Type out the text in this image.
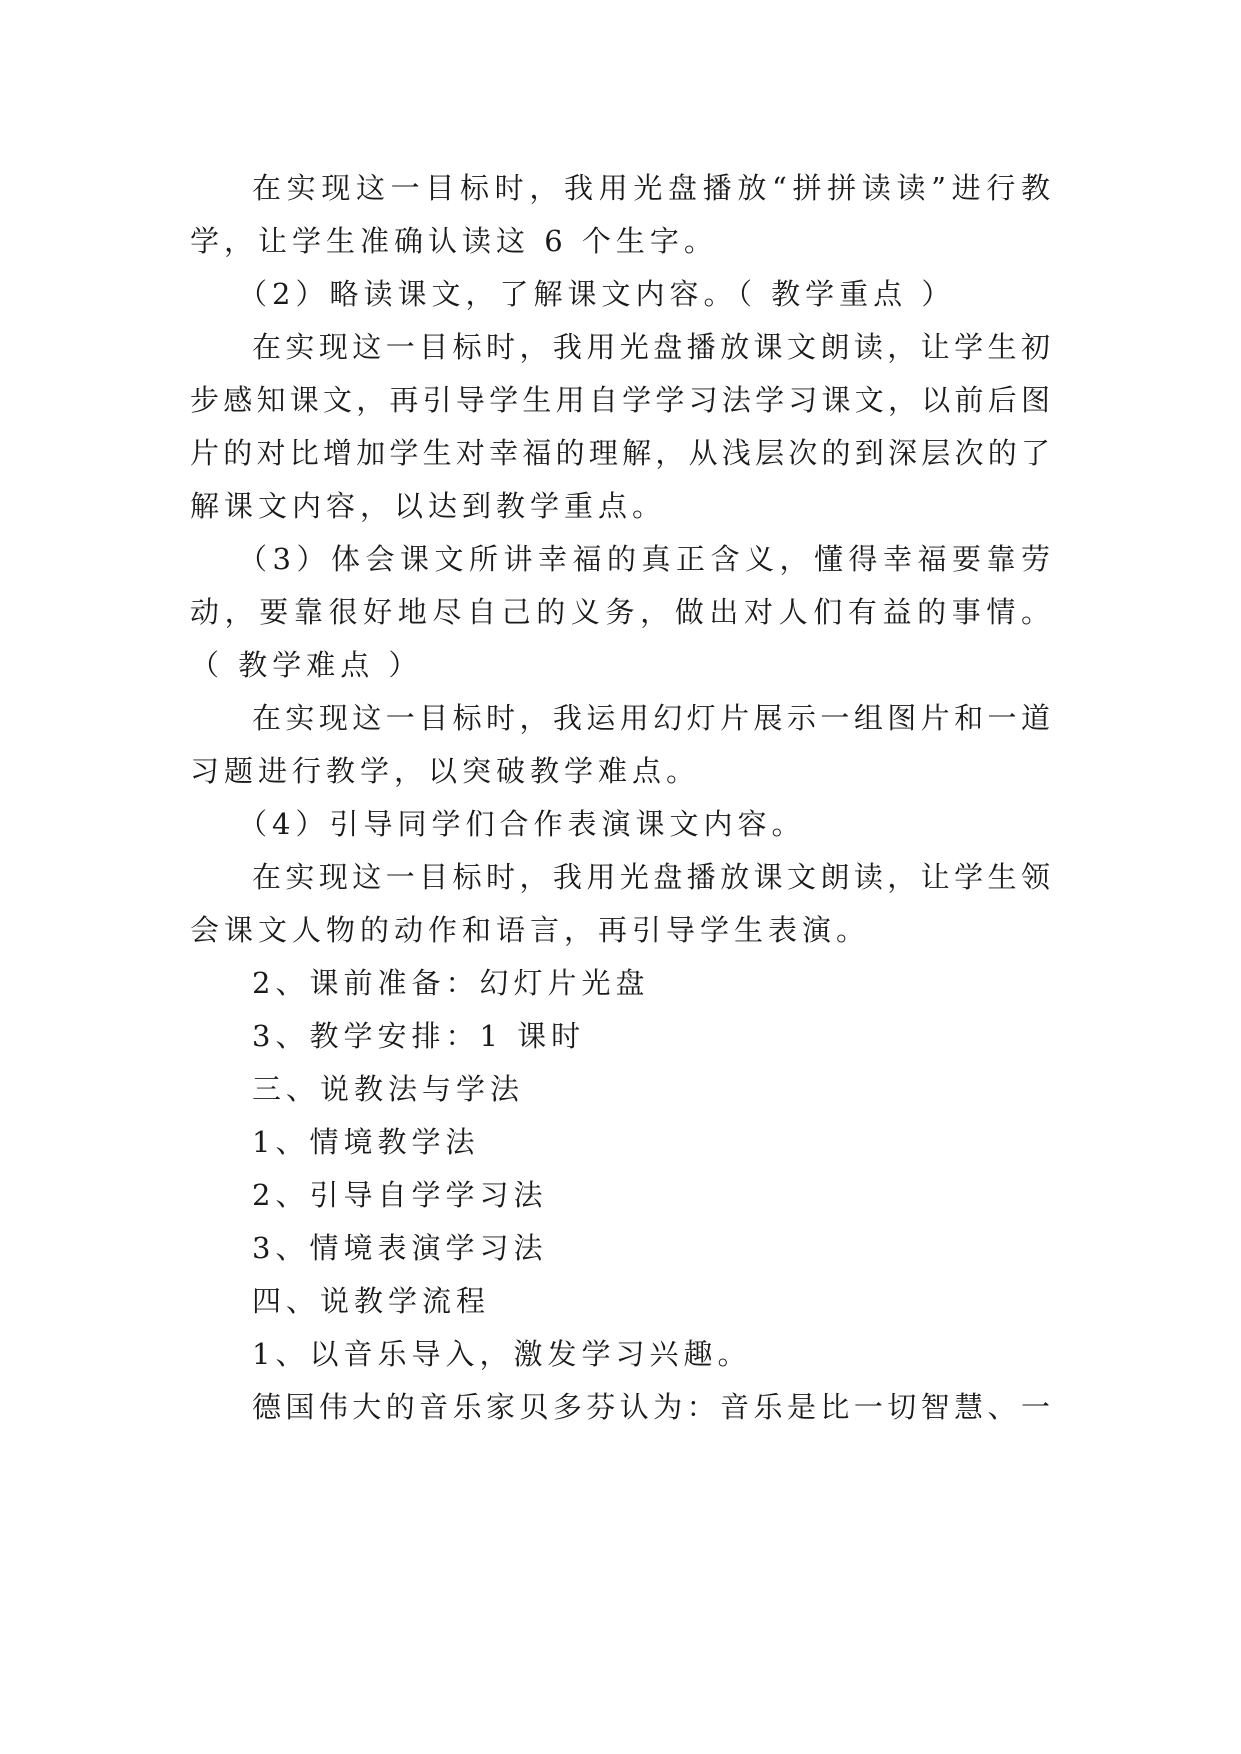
在实现这一目标时，我用光盘播放“拼拼读读”进行教
学，让学生准确认读这 6 个生字。
（2）略读课文，了解课文内容。（ 教学重点 ）
在实现这一目标时，我用光盘播放课文朗读，让学生初
步感知课文，再引导学生用自学学习法学习课文，以前后图
片的对比增加学生对幸福的理解，从浅层次的到深层次的了
解课文内容，以达到教学重点。
（3）体会课文所讲幸福的真正含义，懂得幸福要靠劳
动，要靠很好地尽自己的义务，做出对人们有益的事情。
（ 教学难点 ）
在实现这一目标时，我运用幻灯片展示一组图片和一道
习题进行教学，以突破教学难点。
（4）引导同学们合作表演课文内容。
在实现这一目标时，我用光盘播放课文朗读，让学生领
会课文人物的动作和语言，再引导学生表演。
2、课前准备：幻灯片光盘
3、教学安排：1 课时
三、说教法与学法
1、情境教学法
2、引导自学学习法
3、情境表演学习法
四、说教学流程
1、以音乐导入，激发学习兴趣。
德国伟大的音乐家贝多芬认为：音乐是比一切智慧、一
